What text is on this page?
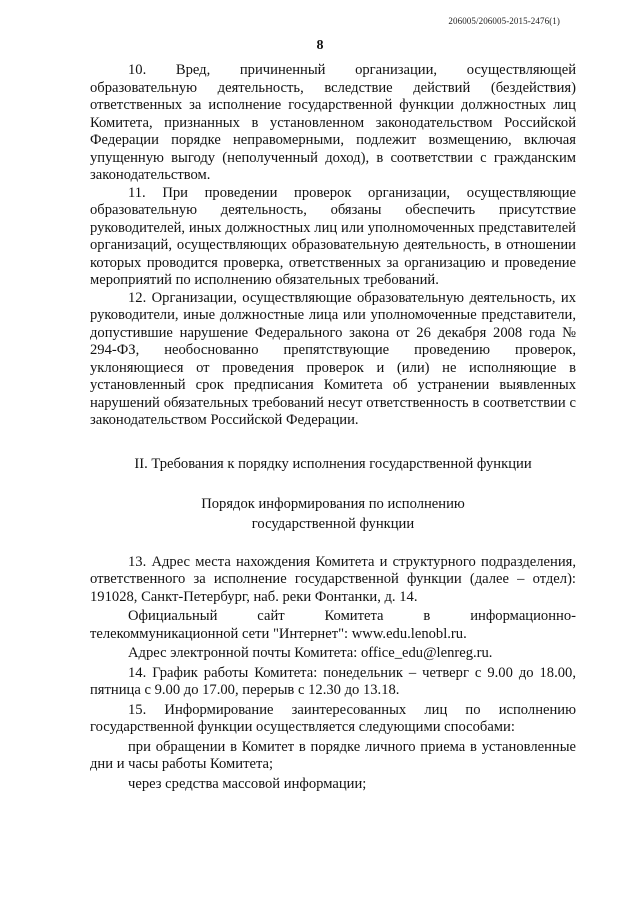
206005/206005-2015-2476(1)
8

10. Вред, причиненный организации, осуществляющей образовательную деятельность, вследствие действий (бездействия) ответственных за исполнение государственной функции должностных лиц Комитета, признанных в установленном законодательством Российской Федерации порядке неправомерными, подлежит возмещению, включая упущенную выгоду (неполученный доход), в соответствии с гражданским законодательством.

11. При проведении проверок организации, осуществляющие образовательную деятельность, обязаны обеспечить присутствие руководителей, иных должностных лиц или уполномоченных представителей организаций, осуществляющих образовательную деятельность, в отношении которых проводится проверка, ответственных за организацию и проведение мероприятий по исполнению обязательных требований.

12. Организации, осуществляющие образовательную деятельность, их руководители, иные должностные лица или уполномоченные представители, допустившие нарушение Федерального закона от 26 декабря 2008 года № 294-ФЗ, необоснованно препятствующие проведению проверок, уклоняющиеся от проведения проверок и (или) не исполняющие в установленный срок предписания Комитета об устранении выявленных нарушений обязательных требований несут ответственность в соответствии с законодательством Российской Федерации.

II. Требования к порядку исполнения государственной функции

Порядок информирования по исполнению

государственной функции

13. Адрес места нахождения Комитета и структурного подразделения, ответственного за исполнение государственной функции (далее – отдел): 191028, Санкт-Петербург, наб. реки Фонтанки, д. 14.

Официальный сайт Комитета в информационно-телекоммуникационной сети "Интернет": www.edu.lenobl.ru.

Адрес электронной почты Комитета: office_edu@lenreg.ru.

14. График работы Комитета: понедельник – четверг с 9.00 до 18.00, пятница с 9.00 до 17.00, перерыв с 12.30 до 13.18.

15. Информирование заинтересованных лиц по исполнению государственной функции осуществляется следующими способами:

при обращении в Комитет в порядке личного приема в установленные дни и часы работы Комитета;

через средства массовой информации;
